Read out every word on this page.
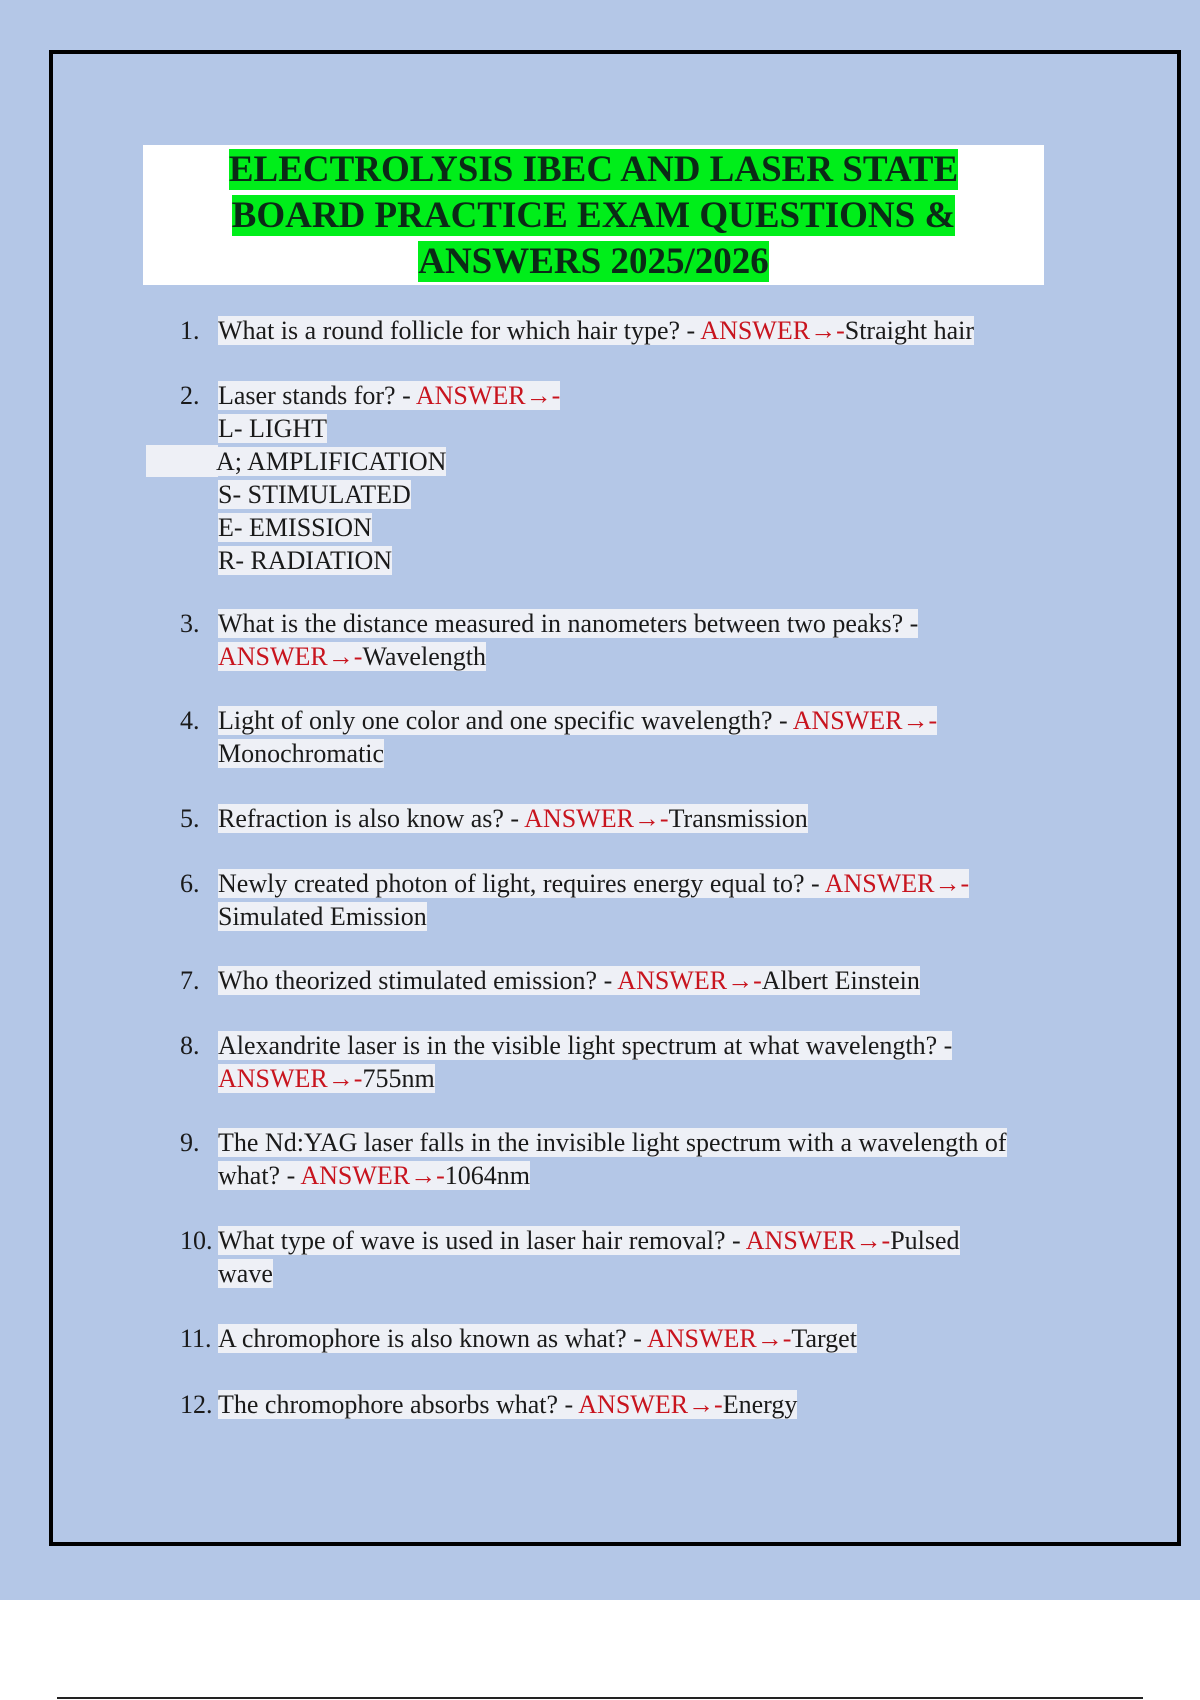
ELECTROLYSIS IBEC AND LASER STATE
BOARD PRACTICE EXAM QUESTIONS &
ANSWERS 2025/2026

1. What is a round follicle for which hair type? - ANSWER→-Straight hair
2. Laser stands for? - ANSWER→-
L- LIGHT
A; AMPLIFICATION
S- STIMULATED
E- EMISSION
R- RADIATION
3. What is the distance measured in nanometers between two peaks? -
ANSWER→-Wavelength
4. Light of only one color and one specific wavelength? - ANSWER→-
Monochromatic
5. Refraction is also know as? - ANSWER→-Transmission
6. Newly created photon of light, requires energy equal to? - ANSWER→-
Simulated Emission
7. Who theorized stimulated emission? - ANSWER→-Albert Einstein
8. Alexandrite laser is in the visible light spectrum at what wavelength? -
ANSWER→-755nm
9. The Nd:YAG laser falls in the invisible light spectrum with a wavelength of
what? - ANSWER→-1064nm
10. What type of wave is used in laser hair removal? - ANSWER→-Pulsed
wave
11. A chromophore is also known as what? - ANSWER→-Target
12. The chromophore absorbs what? - ANSWER→-Energy
